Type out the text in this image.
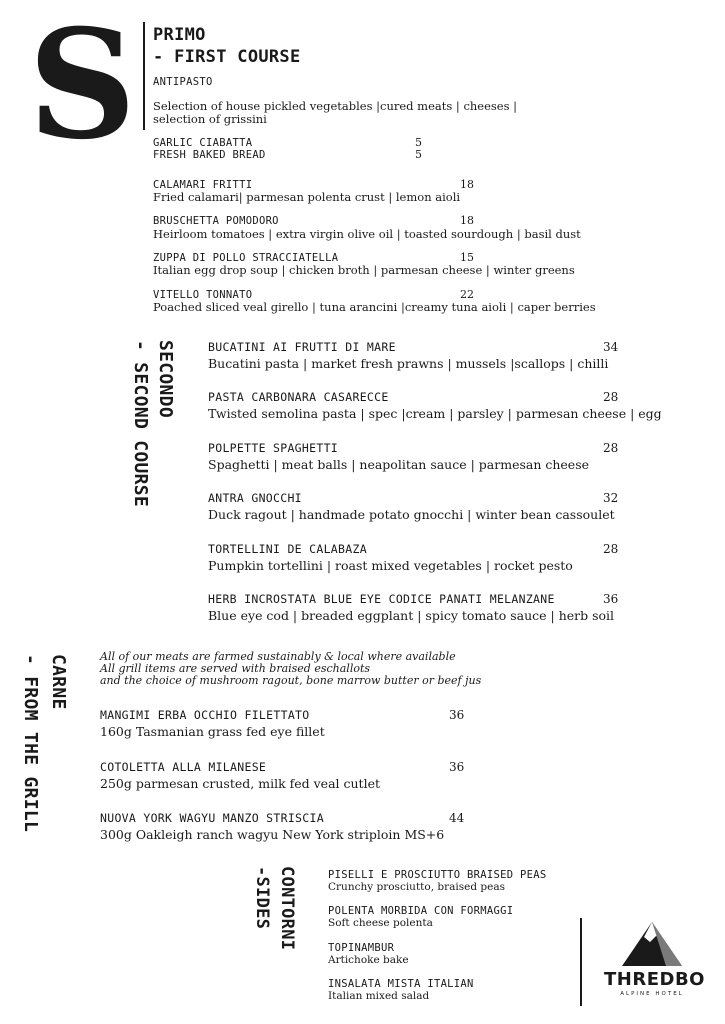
S PRIMO
- FIRST COURSE
ANTIPASTO
Selection of house pickled vegetables |cured meats | cheeses |
selection of grissini
GARLIC CIABATTA	5
FRESH BAKED BREAD	5
CALAMARI FRITTI	18
Fried calamari| parmesan polenta crust | lemon aioli
BRUSCHETTA POMODORO	18
Heirloom tomatoes | extra virgin olive oil | toasted sourdough | basil dust
ZUPPA DI POLLO STRACCIATELLA	15
Italian egg drop soup | chicken broth | parmesan cheese | winter greens
VITELLO TONNATO	22
Poached sliced veal girello | tuna arancini |creamy tuna aioli | caper berries
SECONDO
- SECOND COURSE	BUCATINI AI FRUTTI DI MARE	34
Bucatini pasta | market fresh prawns | mussels |scallops | chilli
PASTA CARBONARA CASARECCE	28
Twisted semolina pasta | spec |cream | parsley | parmesan cheese | egg
POLPETTE SPAGHETTI	28
Spaghetti | meat balls | neapolitan sauce | parmesan cheese
ANTRA GNOCCHI	32
Duck ragout | handmade potato gnocchi | winter bean cassoulet
TORTELLINI DE CALABAZA	28
Pumpkin tortellini | roast mixed vegetables | rocket pesto
HERB INCROSTATA BLUE EYE CODICE PANATI MELANZANE	36
Blue eye cod | breaded eggplant | spicy tomato sauce | herb soil
CARNE
- FROM THE GRILL	All of our meats are farmed sustainably & local where available
All grill items are served with braised eschallots
and the choice of mushroom ragout, bone marrow butter or beef jus
MANGIMI ERBA OCCHIO FILETTATO	36
160g Tasmanian grass fed eye fillet
COTOLETTA ALLA MILANESE	36
250g parmesan crusted, milk fed veal cutlet
NUOVA YORK WAGYU MANZO STRISCIA	44
300g Oakleigh ranch wagyu New York striploin MS+6
CONTORNI
-SIDES	PISELLI E PROSCIUTTO BRAISED PEAS
Crunchy prosciutto, braised peas
POLENTA MORBIDA CON FORMAGGI
Soft cheese polenta
TOPINAMBUR
Artichoke bake
INSALATA MISTA ITALIAN
Italian mixed salad
THREDBO
ALPINE HOTEL
